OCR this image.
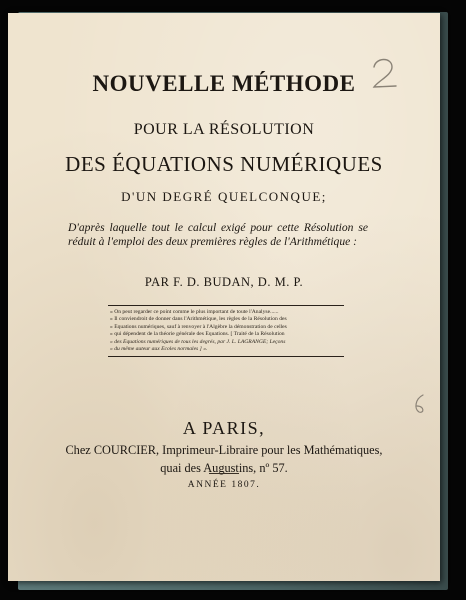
NOUVELLE MÉTHODE
POUR LA RÉSOLUTION
DES ÉQUATIONS NUMÉRIQUES
D'UN DEGRÉ QUELCONQUE;
D'après laquelle tout le calcul exigé pour cette Résolution se réduit à l'emploi des deux premières règles de l'Arithmétique :
PAR F. D. BUDAN, D. M. P.
« On peut regarder ce point comme le plus important de toute l'Analyse......
» Il conviendroit de donner dans l'Arithmétique, les règles de la Résolution des
» Équations numériques, sauf à renvoyer à l'Algèbre la démonstration de celles
» qui dépendent de la théorie générale des Équations. [ Traité de la Résolution
» des Équations numériques de tous les degrés, par J. L. LAGRANGE; Leçons
» du même auteur aux Écoles normales ] ».
A PARIS,
Chez COURCIER, Imprimeur-Libraire pour les Mathématiques,
quai des Augustins, nº 57.
ANNÉE 1807.
